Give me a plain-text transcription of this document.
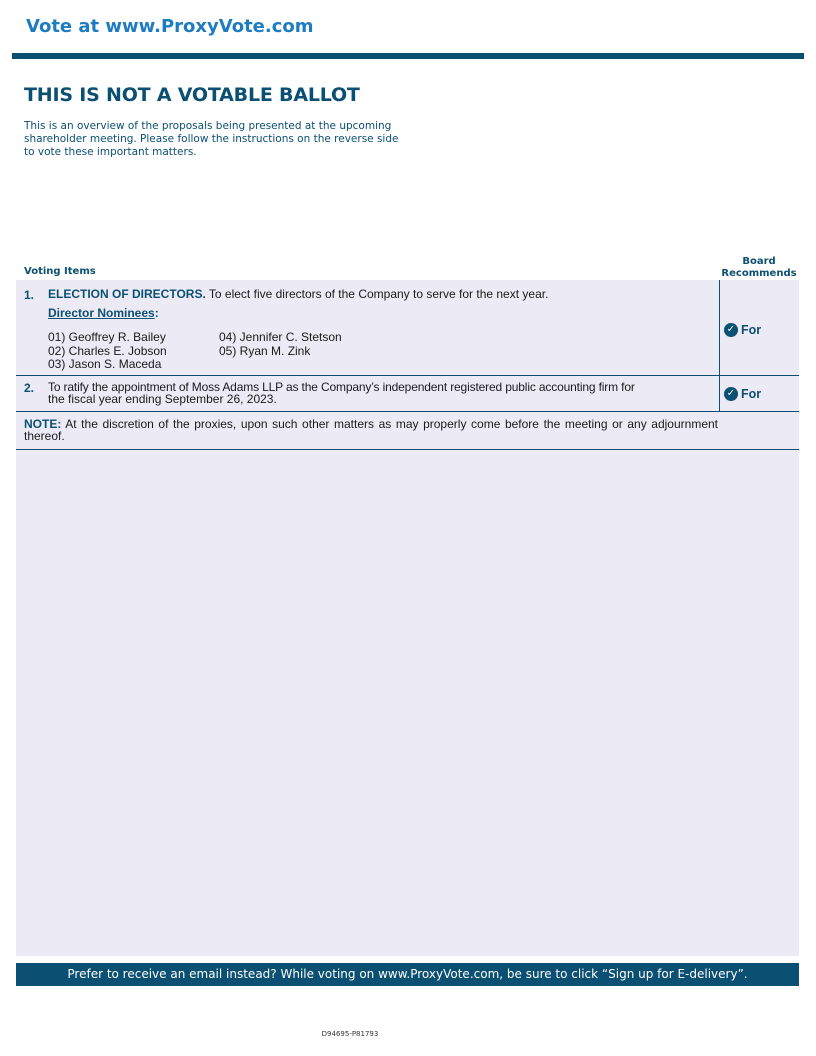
Vote at www.ProxyVote.com
THIS IS NOT A VOTABLE BALLOT
This is an overview of the proposals being presented at the upcoming shareholder meeting. Please follow the instructions on the reverse side to vote these important matters.
Board
Recommends
Voting Items
1. ELECTION OF DIRECTORS. To elect five directors of the Company to serve for the next year.
Director Nominees:
01) Geoffrey R. Bailey
02) Charles E. Jobson
03) Jason S. Maceda
04) Jennifer C. Stetson
05) Ryan M. Zink
✓ For
2. To ratify the appointment of Moss Adams LLP as the Company’s independent registered public accounting firm for
the fiscal year ending September 26, 2023.	✓ For
NOTE: At the discretion of the proxies, upon such other matters as may properly come before the meeting or any adjournment thereof.
Prefer to receive an email instead? While voting on www.ProxyVote.com, be sure to click “Sign up for E-delivery”.
D94695-P81793
